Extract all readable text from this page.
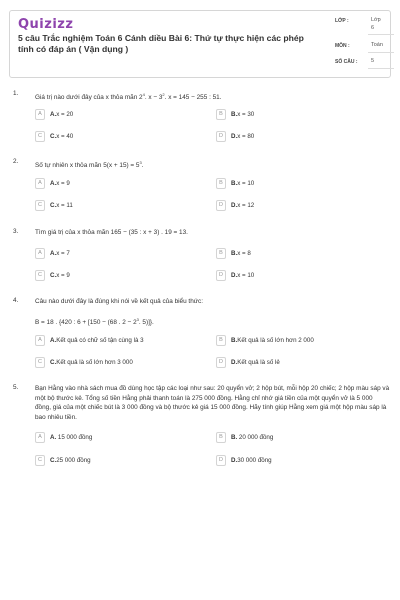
Quizizz
5 câu Trắc nghiệm Toán 6 Cánh diều Bài 6: Thứ tự thực hiện các phép tính có đáp án ( Vận dụng )
LỚP :	Lớp
6
MÔN :	Toán
SỐ CÂU : 5
1.
Giá trị nào dưới đây của x thỏa mãn $2^4$. $x - 3^2$. x = 145 − 255 : 51.
A	A.x = 20	B	B.x = 30
C	C.x = 40	D	D.x = 80
2.
Số tự nhiên x thỏa mãn $5(x + 15) = 5^3$.
A	A.x = 9	B	B.x = 10
C	C.x = 11	D	D.x = 12
3.	Tìm giá trị của x thỏa mãn 165 − (35 : x + 3) . 19 = 13.
A	A.x = 7	B	B.x = 8
C	C.x = 9	D	D.x = 10
4.	Câu nào dưới đây là đúng khi nói về kết quả của biểu thức:
B = 18 . {420 : 6 + [150 − (68 . $2 - 2^3$. 5)]}.
A	A.Kết quả có chữ số tận cùng là 3	B	B.Kết quả là số lớn hơn 2 000
C	C.Kết quả là số lớn hơn 3 000	D	D.Kết quả là số lẻ
5.	Bạn Hằng vào nhà sách mua đồ dùng học tập các loại như sau: 20 quyển vở; 2 hộp bút, mỗi hộp 20 chiếc; 2 hộp màu sáp và một bộ thước kẻ. Tổng số tiền Hằng phải thanh toán là 275 000 đồng. Hằng chỉ nhớ giá tiền của một quyển vở là 5 000 đồng, giá của một chiếc bút là 3 000 đồng và bộ thước kẻ giá 15 000 đồng. Hãy tính giúp Hằng xem giá một hộp màu sáp là bao nhiêu tiền.
A	A. 15 000 đồng	B	B. 20 000 đồng
C	C.25 000 đồng	D	D.30 000 đồng
